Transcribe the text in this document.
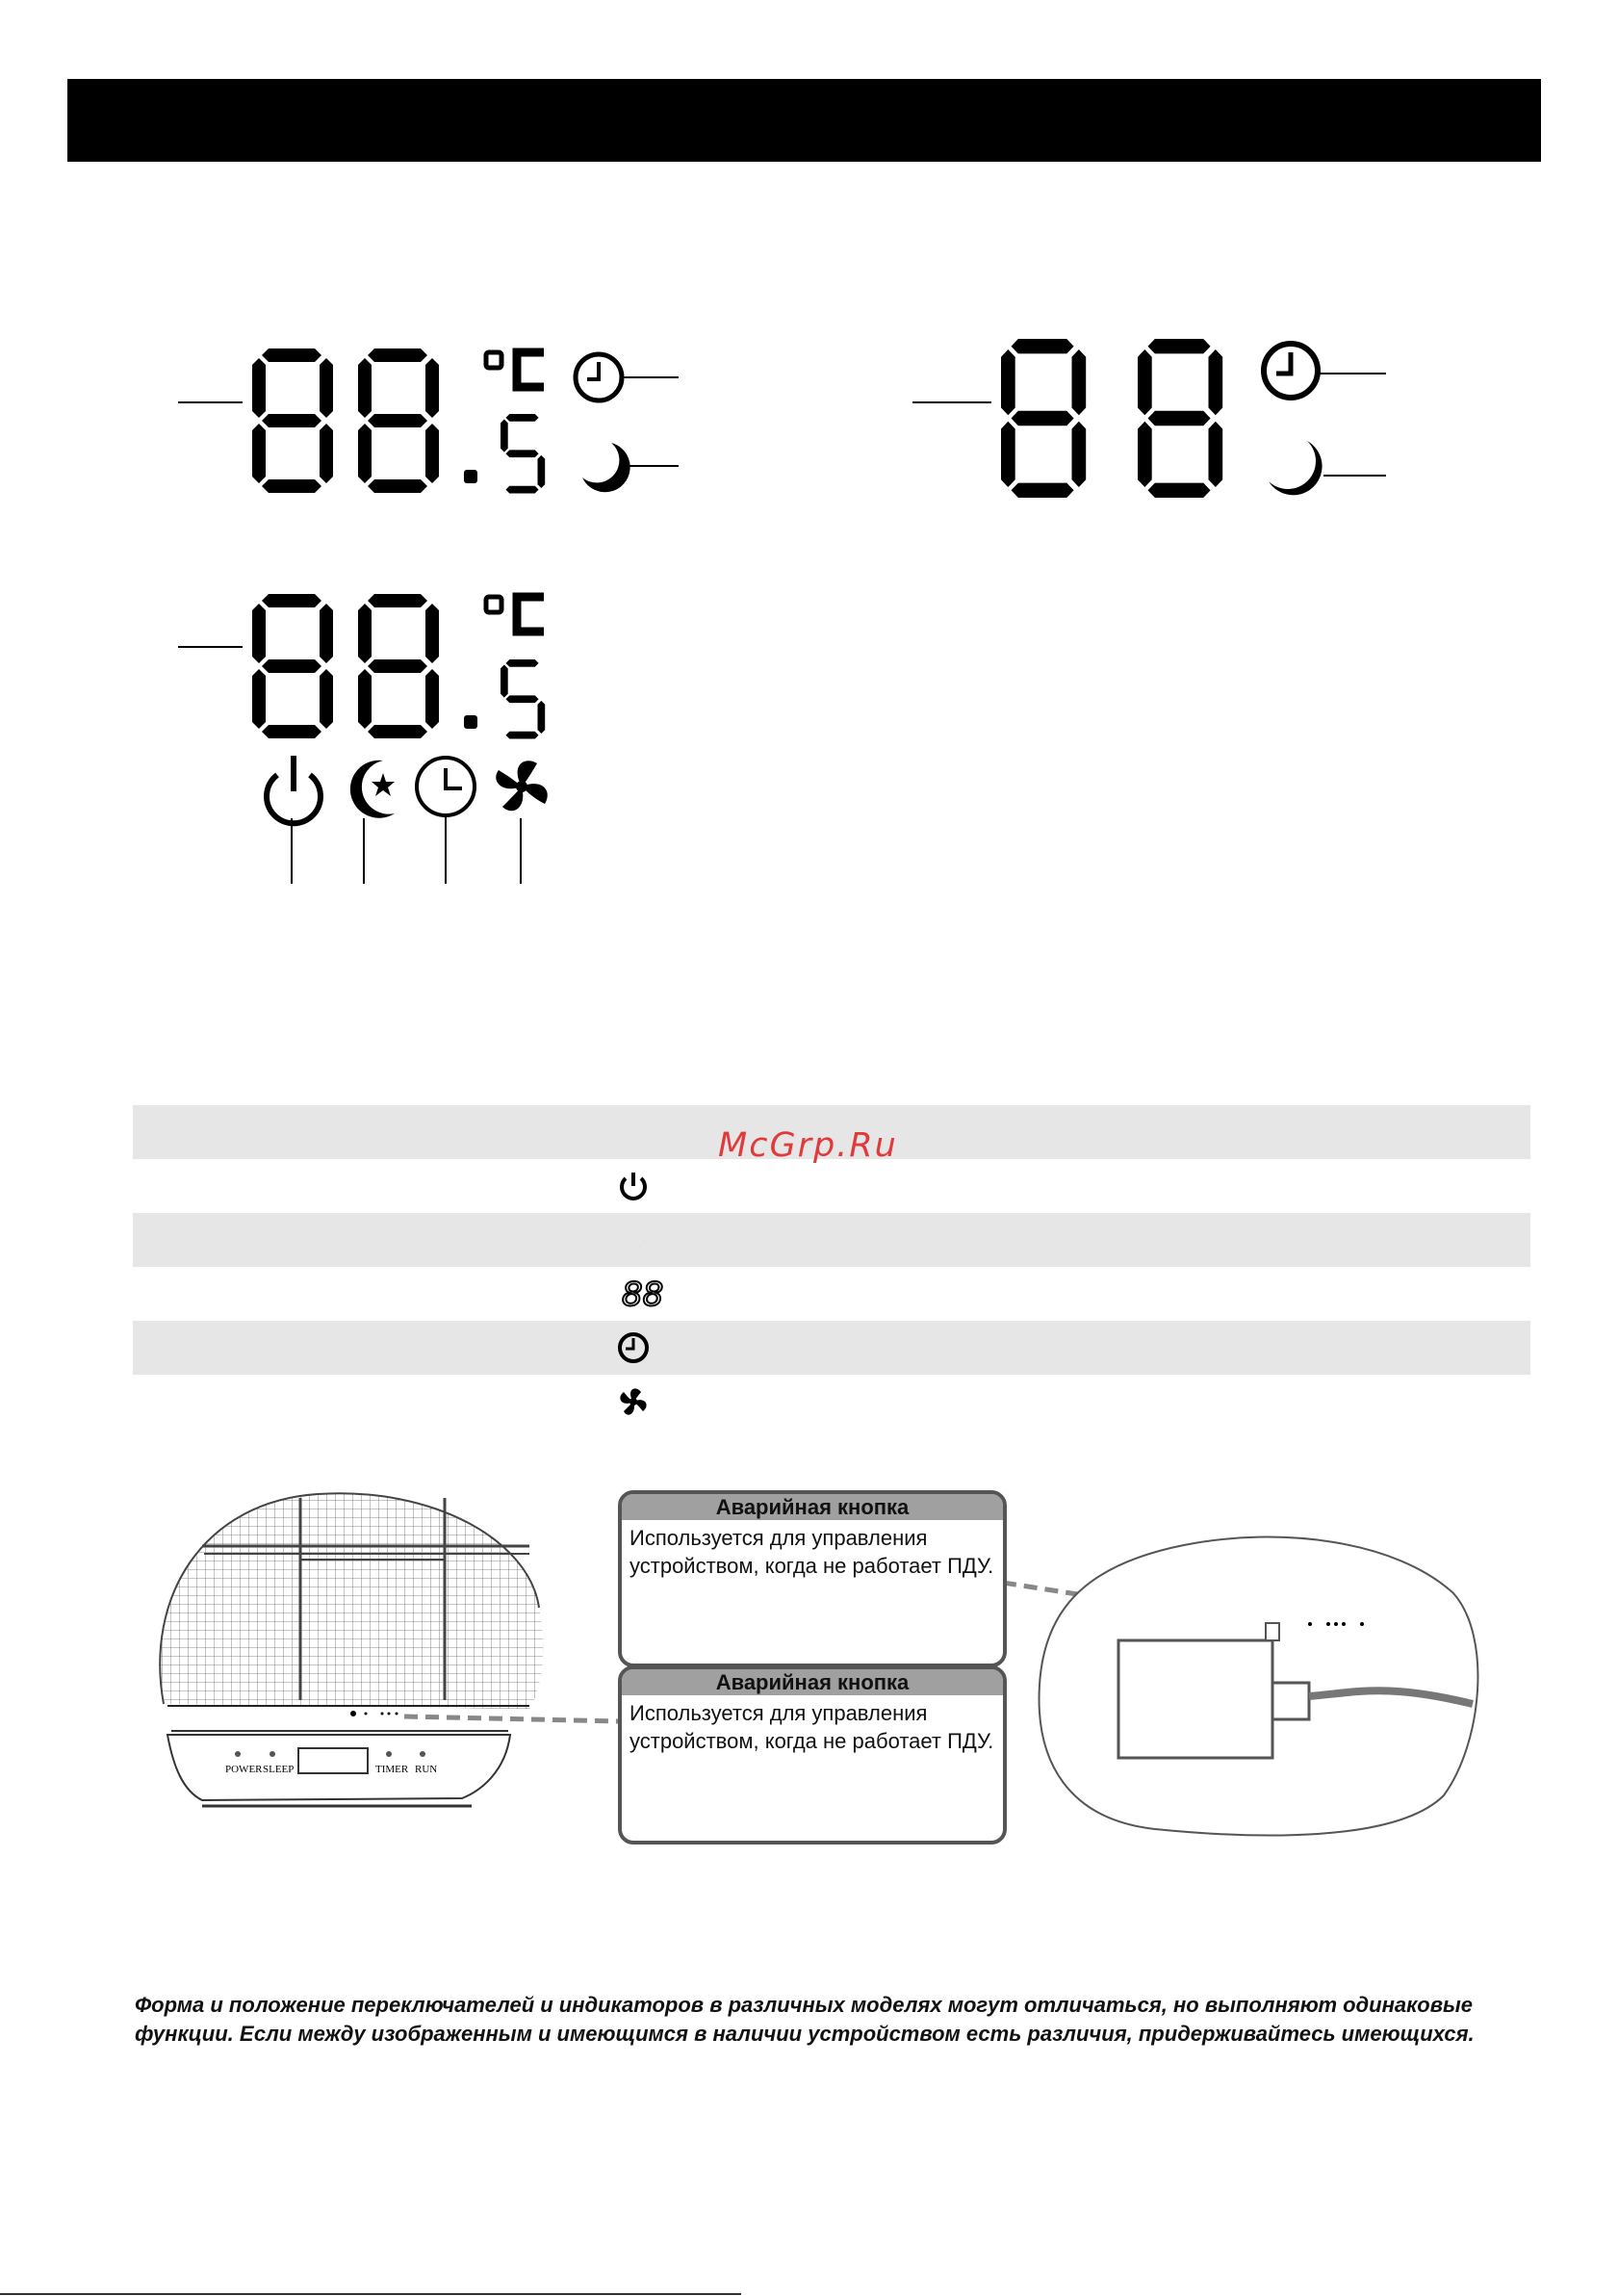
88
McGrp.Ru
POWER SLEEP	TIMER RUN
Аварийная кнопка
Используется для управления устройством, когда не работает ПДУ.
Аварийная кнопка
Используется для управления устройством, когда не работает ПДУ.
Форма и положение переключателей и индикаторов в различных моделях могут отличаться, но выполняют одинаковые функции. Если между изображенным и имеющимся в наличии устройством есть различия, придерживайтесь имеющихся.
